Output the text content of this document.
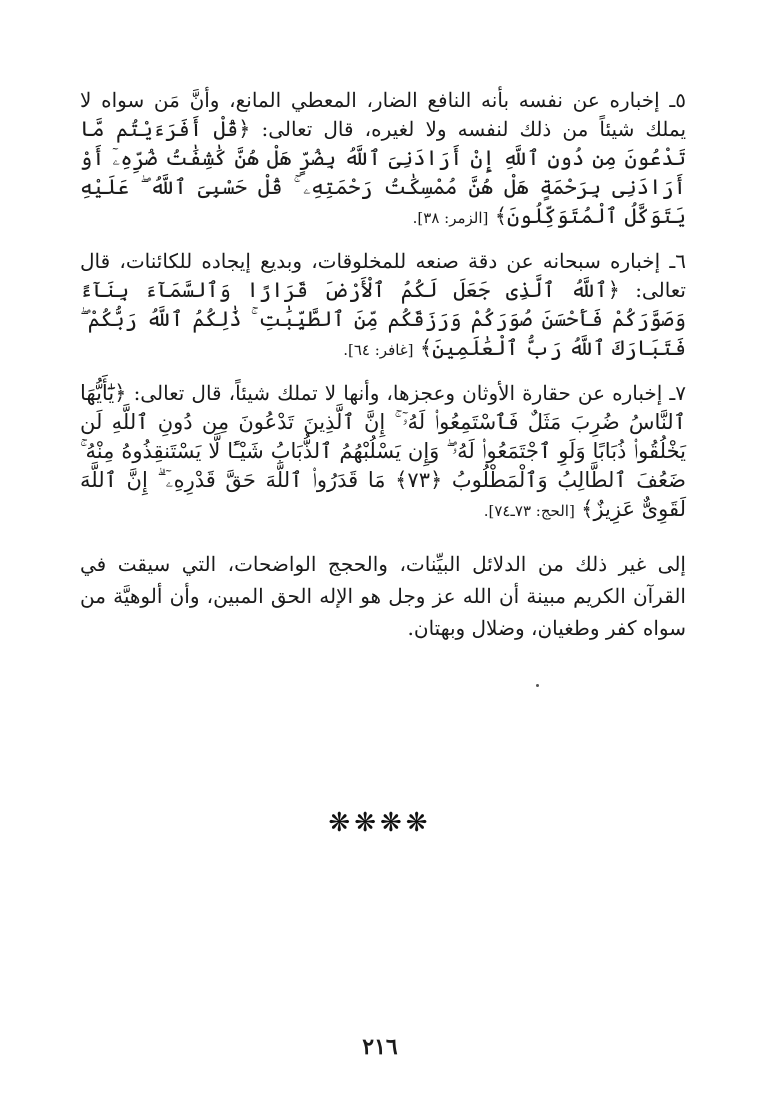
٥ـ إخباره عن نفسه بأنه النافع الضار، المعطي المانع، وأنَّ مَن سواه لا يملك شيئاً من ذلك لنفسه ولا لغيره، قال تعالى: ﴿قُلْ أَفَرَءَيْتُم مَّا تَدْعُونَ مِن دُونِ ٱللَّهِ إِنْ أَرَادَنِىَ ٱللَّهُ بِضُرٍّ هَلْ هُنَّ كَٰشِفَٰتُ ضُرِّهِۦٓ أَوْ أَرَادَنِى بِرَحْمَةٍ هَلْ هُنَّ مُمْسِكَٰتُ رَحْمَتِهِۦ ۚ قُلْ حَسْبِىَ ٱللَّهُ ۖ عَلَيْهِ يَتَوَكَّلُ ٱلْمُتَوَكِّلُونَ﴾ [الزمر: ٣٨].

٦ـ إخباره سبحانه عن دقة صنعه للمخلوقات، وبديع إيجاده للكائنات، قال تعالى: ﴿ٱللَّهُ ٱلَّذِى جَعَلَ لَكُمُ ٱلْأَرْضَ قَرَارًا وَٱلسَّمَآءَ بِنَآءً وَصَوَّرَكُمْ فَأَحْسَنَ صُوَرَكُمْ وَرَزَقَكُم مِّنَ ٱلطَّيِّبَٰتِ ۚ ذَٰلِكُمُ ٱللَّهُ رَبُّكُمْ ۖ فَتَبَارَكَ ٱللَّهُ رَبُّ ٱلْعَٰلَمِينَ﴾ [غافر: ٦٤].

٧ـ إخباره عن حقارة الأوثان وعجزها، وأنها لا تملك شيئاً، قال تعالى: ﴿يَٰٓأَيُّهَا ٱلنَّاسُ ضُرِبَ مَثَلٌ فَٱسْتَمِعُوا۟ لَهُۥٓ ۚ إِنَّ ٱلَّذِينَ تَدْعُونَ مِن دُونِ ٱللَّهِ لَن يَخْلُقُوا۟ ذُبَابًا وَلَوِ ٱجْتَمَعُوا۟ لَهُۥ ۖ وَإِن يَسْلُبْهُمُ ٱلذُّبَابُ شَيْـًٔا لَّا يَسْتَنقِذُوهُ مِنْهُ ۚ ضَعُفَ ٱلطَّالِبُ وَٱلْمَطْلُوبُ ﴿٧٣﴾ مَا قَدَرُوا۟ ٱللَّهَ حَقَّ قَدْرِهِۦٓ ۗ إِنَّ ٱللَّهَ لَقَوِىٌّ عَزِيزٌ﴾ [الحج: ٧٣ـ٧٤].

إلى غير ذلك من الدلائل البيِّنات، والحجج الواضحات، التي سيقت في القرآن الكريم مبينة أن الله عز وجل هو الإله الحق المبين، وأن ألوهيَّة من سواه كفر وطغيان، وضلال وبهتان.

❋❋❋❋
٢١٦
